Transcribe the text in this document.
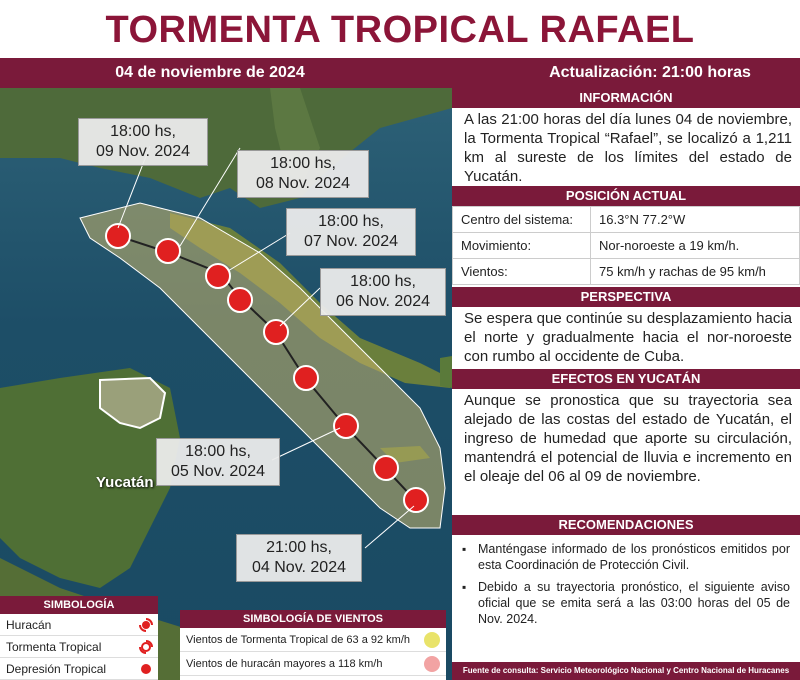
TORMENTA TROPICAL RAFAEL
04 de noviembre de 2024	Actualización: 21:00 horas
18:00 hs,
09 Nov. 2024
18:00 hs,
08 Nov. 2024
18:00 hs,
07 Nov. 2024
18:00 hs,
06 Nov. 2024
18:00 hs,
05 Nov. 2024
21:00 hs,
04 Nov. 2024
Yucatán
SIMBOLOGÍA
Huracán
Tormenta Tropical
Depresión Tropical
SIMBOLOGÍA DE VIENTOS
Vientos de Tormenta Tropical de 63 a 92 km/h
Vientos de huracán mayores a 118 km/h
INFORMACIÓN
A las 21:00 horas del día lunes 04 de noviembre, la Tormenta Tropical “Rafael”, se localizó a 1,211 km al sureste de los límites del estado de Yucatán.
POSICIÓN ACTUAL
Centro del sistema:	16.3°N 77.2°W
Movimiento:	Nor-noroeste a 19 km/h.
Vientos:	75 km/h y rachas de 95 km/h
PERSPECTIVA
Se espera que continúe su desplazamiento hacia el norte y gradualmente hacia el nor-noroeste con rumbo al occidente de Cuba.
EFECTOS EN YUCATÁN
Aunque se pronostica que su trayectoria sea alejado de las costas del estado de Yucatán, el ingreso de humedad que aporte su circulación, mantendrá el potencial de lluvia e incremento en el oleaje del 06 al 09 de noviembre.
RECOMENDACIONES
▪ Manténgase informado de los pronósticos emitidos por esta Coordinación de Protección Civil.
▪ Debido a su trayectoria pronóstico, el siguiente aviso oficial que se emita será a las 03:00 horas del 05 de Nov. 2024.
Fuente de consulta: Servicio Meteorológico Nacional y Centro Nacional de Huracanes
